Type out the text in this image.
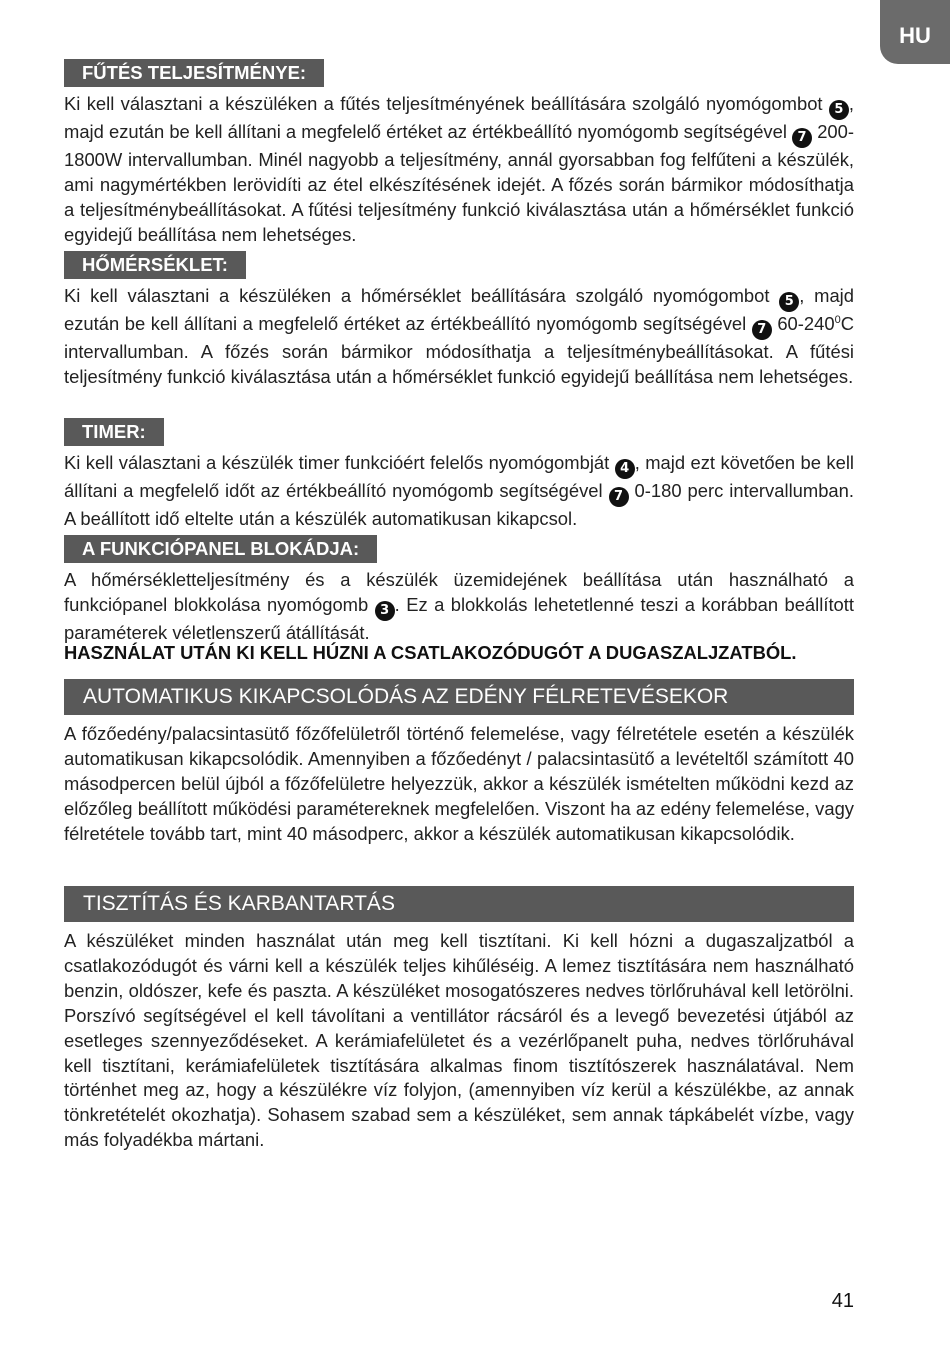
HU
FŰTÉS TELJESÍTMÉNYE:

Ki kell választani a készüléken a fűtés teljesítményének beállítására szolgáló nyomógombot 5 , majd ezután be kell állítani a megfelelő értéket az értékbeállító nyomógomb segítségével 7 200-1800W intervallumban. Minél nagyobb a teljesítmény, annál gyorsabban fog felfűteni a készülék, ami nagymértékben lerövidíti az étel elkészítésének idejét. A főzés során bármikor módosíthatja a teljesítménybeállításokat. A fűtési teljesítmény funkció kiválasztása után a hőmérséklet funkció egyidejű beállítása nem lehetséges.

HŐMÉRSÉKLET:

Ki kell választani a készüléken a hőmérséklet beállítására szolgáló nyomógombot 5 , majd ezután be kell állítani a megfelelő értéket az értékbeállító nyomógomb segítségével 7 $60-240^0C$ intervallumban. A főzés során bármikor módosíthatja a teljesítménybeállításokat. A fűtési teljesítmény funkció kiválasztása után a hőmérséklet funkció egyidejű beállítása nem lehetséges.

TIMER:

Ki kell választani a készülék timer funkcióért felelős nyomógombját 4 , majd ezt követően be kell állítani a megfelelő időt az értékbeállító nyomógomb segítségével 7 0-180 perc intervallumban. A beállított idő eltelte után a készülék automatikusan kikapcsol.

A FUNKCIÓPANEL BLOKÁDJA:

A hőmérsékletteljesítmény és a készülék üzemidejének beállítása után használható a funkciópanel blokkolása nyomógomb 3 . Ez a blokkolás lehetetlenné teszi a korábban beállított paraméterek véletlenszerű átállítását.

HASZNÁLAT UTÁN KI KELL HÚZNI A CSATLAKOZÓDUGÓT A DUGASZALJZATBÓL.

AUTOMATIKUS KIKAPCSOLÓDÁS AZ EDÉNY FÉLRETEVÉSEKOR

A főzőedény/palacsintasütő főzőfelületről történő felemelése, vagy félretétele esetén a készülék automatikusan kikapcsolódik. Amennyiben a főzőedényt / palacsintasütő a levételtől számított 40 másodpercen belül újból a főzőfelületre helyezzük, akkor a készülék ismételten működni kezd az előzőleg beállított működési paramétereknek megfelelően. Viszont ha az edény felemelése, vagy félretétele tovább tart, mint 40 másodperc, akkor a készülék automatikusan kikapcsolódik.

TISZTÍTÁS ÉS KARBANTARTÁS

A készüléket minden használat után meg kell tisztítani. Ki kell hózni a dugaszaljzatból a csatlakozódugót és várni kell a készülék teljes kihűléséig. A lemez tisztítására nem használható benzin, oldószer, kefe és paszta. A készüléket mosogatószeres nedves törlőruhával kell letörölni. Porszívó segítségével el kell távolítani a ventillátor rácsáról és a levegő bevezetési útjából az esetleges szennyeződéseket. A kerámiafelületet és a vezérlőpanelt puha, nedves törlőruhával kell tisztítani, kerámiafelületek tisztítására alkalmas finom tisztítószerek használatával. Nem történhet meg az, hogy a készülékre víz folyjon, (amennyiben víz kerül a készülékbe, az annak tönkretételét okozhatja). Sohasem szabad sem a készüléket, sem annak tápkábelét vízbe, vagy más folyadékba mártani.

41
